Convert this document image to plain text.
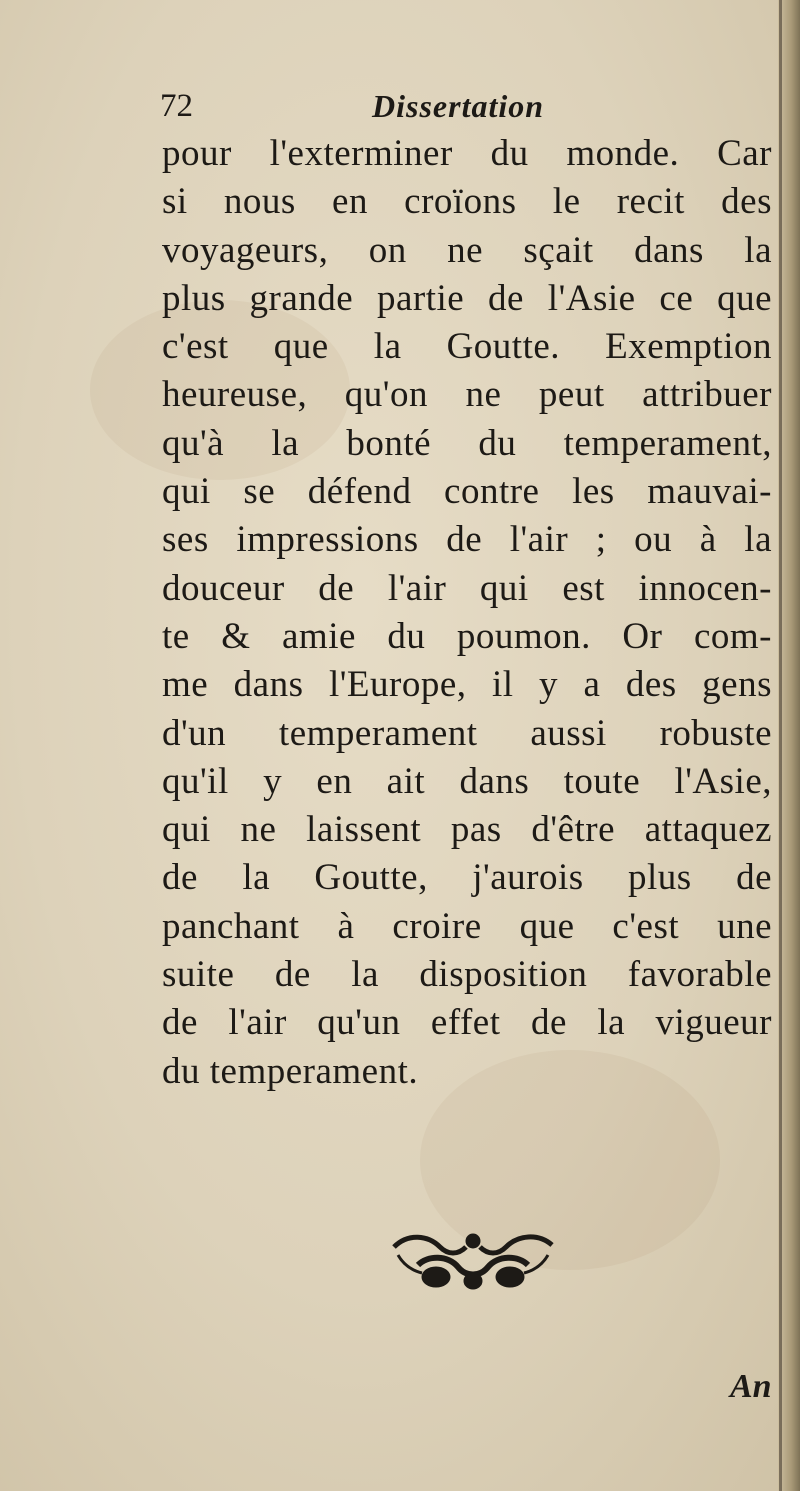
72	Dissertation
pour l'exterminer du monde. Car
si nous en croïons le recit des
voyageurs, on ne sçait dans la
plus grande partie de l'Asie ce que
c'est que la Goutte. Exemption
heureuse, qu'on ne peut attribuer
qu'à la bonté du temperament,
qui se défend contre les mauvai-
ses impressions de l'air ; ou à la
douceur de l'air qui est innocen-
te & amie du poumon. Or com-
me dans l'Europe, il y a des gens
d'un temperament aussi robuste
qu'il y en ait dans toute l'Asie,
qui ne laissent pas d'être attaquez
de la Goutte, j'aurois plus de
panchant à croire que c'est une
suite de la disposition favorable
de l'air qu'un effet de la vigueur
du temperament.
An
